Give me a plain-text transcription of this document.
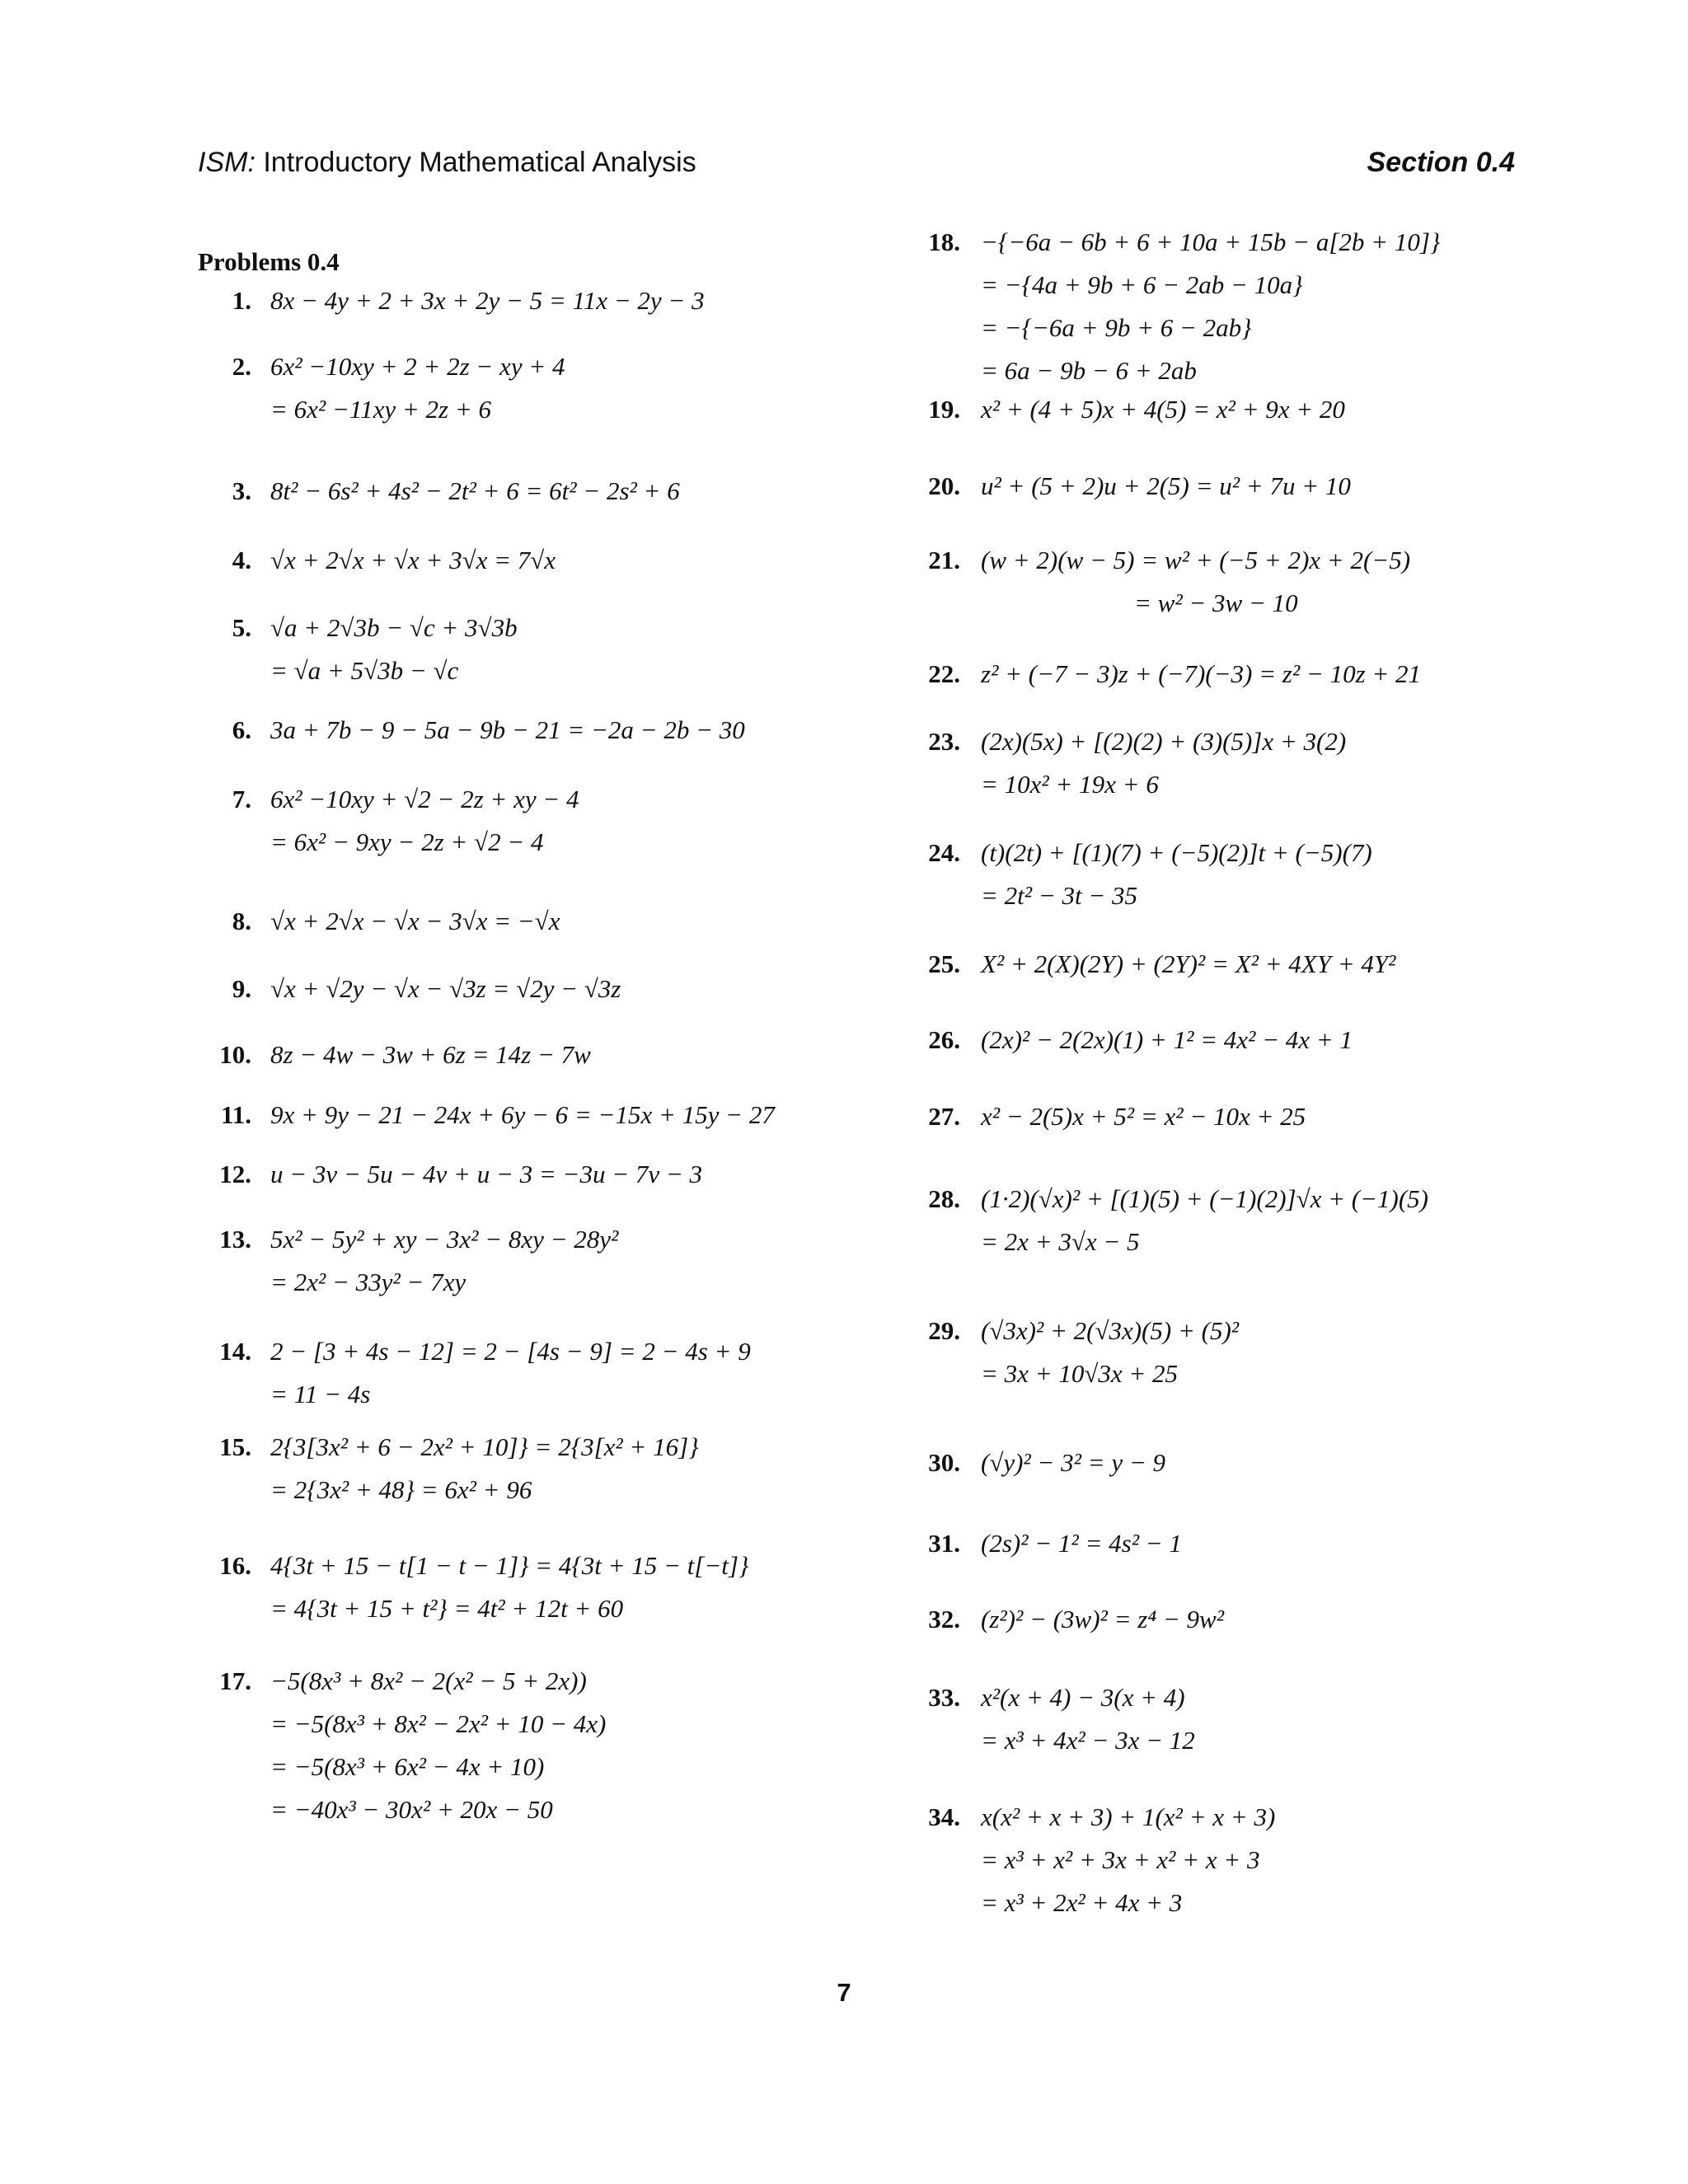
ISM: Introductory Mathematical Analysis	Section 0.4
Problems 0.4
1. 8x − 4y + 2 + 3x + 2y − 5 = 11x − 2y − 3
2. 6x² −10xy + 2 + 2z − xy + 4
= 6x² −11xy + 2z + 6
3. 8t² − 6s² + 4s² − 2t² + 6 = 6t² − 2s² + 6
4. √x + 2√x + √x + 3√x = 7√x
5. √a + 2√3b − √c + 3√3b
= √a + 5√3b − √c
6. 3a + 7b − 9 − 5a − 9b − 21 = −2a − 2b − 30
7. 6x² −10xy + √2 − 2z + xy − 4
= 6x² − 9xy − 2z + √2 − 4
8. √x + 2√x − √x − 3√x = −√x
9. √x + √2y − √x − √3z = √2y − √3z
10. 8z − 4w − 3w + 6z = 14z − 7w
11. 9x + 9y − 21 − 24x + 6y − 6 = −15x + 15y − 27
12. u − 3v − 5u − 4v + u − 3 = −3u − 7v − 3
13. 5x² − 5y² + xy − 3x² − 8xy − 28y²
= 2x² − 33y² − 7xy
14. 2 − [3 + 4s − 12] = 2 − [4s − 9] = 2 − 4s + 9
= 11 − 4s
15. 2{3[3x² + 6 − 2x² + 10]} = 2{3[x² + 16]}
= 2{3x² + 48} = 6x² + 96
16. 4{3t + 15 − t[1 − t − 1]} = 4{3t + 15 − t[−t]}
= 4{3t + 15 + t²} = 4t² + 12t + 60
17. −5(8x³ + 8x² − 2(x² − 5 + 2x))
= −5(8x³ + 8x² − 2x² + 10 − 4x)
= −5(8x³ + 6x² − 4x + 10)
= −40x³ − 30x² + 20x − 50
18. −{−6a − 6b + 6 + 10a + 15b − a[2b + 10]}
= −{4a + 9b + 6 − 2ab − 10a}
= −{−6a + 9b + 6 − 2ab}
= 6a − 9b − 6 + 2ab
19. x² + (4 + 5)x + 4(5) = x² + 9x + 20
20. u² + (5 + 2)u + 2(5) = u² + 7u + 10
21. (w + 2)(w − 5) = w² + (−5 + 2)x + 2(−5)
= w² − 3w − 10
22. z² + (−7 − 3)z + (−7)(−3) = z² − 10z + 21
23. (2x)(5x) + [(2)(2) + (3)(5)]x + 3(2)
= 10x² + 19x + 6
24. (t)(2t) + [(1)(7) + (−5)(2)]t + (−5)(7)
= 2t² − 3t − 35
25. X² + 2(X)(2Y) + (2Y)² = X² + 4XY + 4Y²
26. (2x)² − 2(2x)(1) + 1² = 4x² − 4x + 1
27. x² − 2(5)x + 5² = x² − 10x + 25
28. (1·2)(√x)² + [(1)(5) + (−1)(2)]√x + (−1)(5)
= 2x + 3√x − 5
29. (√3x)² + 2(√3x)(5) + (5)²
= 3x + 10√3x + 25
30. (√y)² − 3² = y − 9
31. (2s)² − 1² = 4s² − 1
32. (z²)² − (3w)² = z⁴ − 9w²
33. x²(x + 4) − 3(x + 4)
= x³ + 4x² − 3x − 12
34. x(x² + x + 3) + 1(x² + x + 3)
= x³ + x² + 3x + x² + x + 3
= x³ + 2x² + 4x + 3
7
